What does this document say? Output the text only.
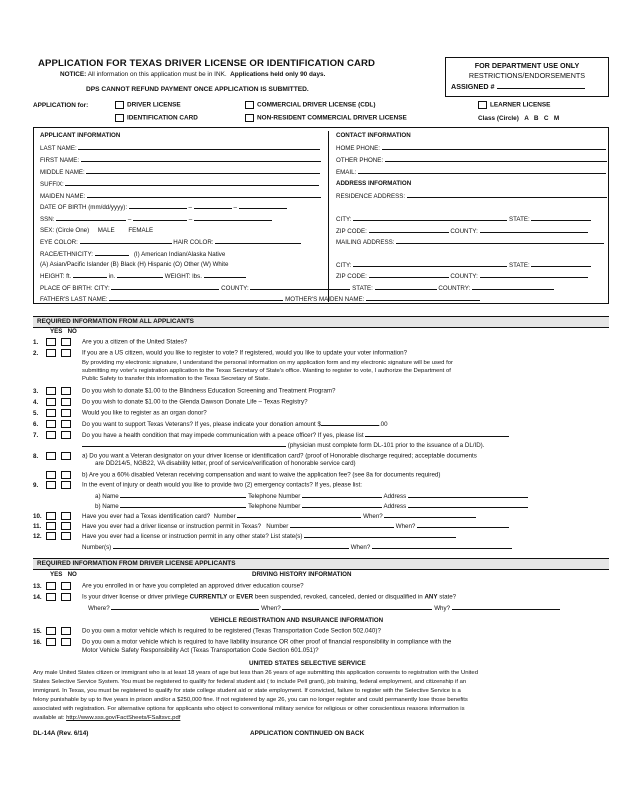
APPLICATION FOR TEXAS DRIVER LICENSE OR IDENTIFICATION CARD
NOTICE: All information on this application must be in INK. Applications held only 90 days.
DPS CANNOT REFUND PAYMENT ONCE APPLICATION IS SUBMITTED.
FOR DEPARTMENT USE ONLY
RESTRICTIONS/ENDORSEMENTS
ASSIGNED #
APPLICATION for:	DRIVER LICENSE	COMMERCIAL DRIVER LICENSE (CDL)	LEARNER LICENSE
IDENTIFICATION CARD	NON-RESIDENT COMMERCIAL DRIVER LICENSE	Class (Circle) A B C M
APPLICANT INFORMATION
LAST NAME:
FIRST NAME:
MIDDLE NAME:
SUFFIX:
MAIDEN NAME:
DATE OF BIRTH (mm/dd/yyyy):	–	–
SSN:	–	–
SEX: (Circle One) MALE FEMALE
EYE COLOR:	HAIR COLOR:
RACE/ETHNICITY:	(I) American Indian/Alaska Native
(A) Asian/Pacific Islander (B) Black (H) Hispanic (O) Other (W) White
HEIGHT: ft.	in.	WEIGHT: lbs.
CONTACT INFORMATION
HOME PHONE:
OTHER PHONE:
EMAIL:
ADDRESS INFORMATION
RESIDENCE ADDRESS:
CITY:	STATE:
ZIP CODE:	COUNTY:
MAILING ADDRESS:
CITY:	STATE:
ZIP CODE:	COUNTY:
PLACE OF BIRTH: CITY:	COUNTY:	STATE:	COUNTRY:
FATHER'S LAST NAME:	MOTHER'S MAIDEN NAME:
REQUIRED INFORMATION FROM ALL APPLICANTS
YES NO
1.	Are you a citizen of the United States?
2.	If you are a US citizen, would you like to register to vote? If registered, would you like to update your voter information?
By providing my electronic signature, I understand the personal information on my application form and my electronic signature will be used for
submitting my voter's registration application to the Texas Secretary of State's office. Wanting to register to vote, I authorize the Department of
Public Safety to transfer this information to the Texas Secretary of State.
3.	Do you wish to donate $1.00 to the Blindness Education Screening and Treatment Program?
4.	Do you wish to donate $1.00 to the Glenda Dawson Donate Life – Texas Registry?
5.	Would you like to register as an organ donor?
6.	Do you want to support Texas Veterans? If yes, please indicate your donation amount $	.00
7.	Do you have a health condition that may impede communication with a peace officer? If yes, please list
(physician must complete form DL-101 prior to the issuance of a DL/ID).
8.	a) Do you want a Veteran designator on your driver license or identification card? (proof of Honorable discharge required; acceptable documents
are DD214/5, NGB22, VA disability letter, proof of service/verification of honorable service card)
b) Are you a 60% disabled Veteran receiving compensation and want to waive the application fee? (see 8a for documents required)
9.	In the event of injury or death would you like to provide two (2) emergency contacts? If yes, please list:
a) Name	Telephone Number	Address
b) Name	Telephone Number	Address
10.	Have you ever had a Texas identification card? Number	When?
11.	Have you ever had a driver license or instruction permit in Texas? Number	When?
12.	Have you ever had a license or instruction permit in any other state? List state(s)
Number(s)	When?
REQUIRED INFORMATION FROM DRIVER LICENSE APPLICANTS
YES NO	DRIVING HISTORY INFORMATION
13.	Are you enrolled in or have you completed an approved driver education course?
14.	Is your driver license or driver privilege CURRENTLY or EVER been suspended, revoked, canceled, denied or disqualified in ANY state?
Where?	When?	Why?
VEHICLE REGISTRATION AND INSURANCE INFORMATION
15.	Do you own a motor vehicle which is required to be registered (Texas Transportation Code Section 502.040)?
16.	Do you own a motor vehicle which is required to have liability insurance OR other proof of financial responsibility in compliance with the
Motor Vehicle Safety Responsibility Act (Texas Transportation Code Section 601.051)?
UNITED STATES SELECTIVE SERVICE
Any male United States citizen or immigrant who is at least 18 years of age but less than 26 years of age submitting this application consents to registration with the United
States Selective Service System. You must be registered to qualify for federal student aid ( to include Pell grant), job training, federal employment, and citizenship if an
immigrant. In Texas, you must be registered to qualify for state college student aid or state employment. If convicted, failure to register with the Selective Service is a
felony punishable by up to five years in prison and/or a $250,000 fine. If not registered by age 26, you can no longer register and could permanently lose those benefits
associated with registration. For alternative options for applicants who object to conventional military service for religious or other conscientious reasons information is
available at: http://www.sss.gov/FactSheets/FSaltsvc.pdf
DL-14A (Rev. 6/14)	APPLICATION CONTINUED ON BACK
